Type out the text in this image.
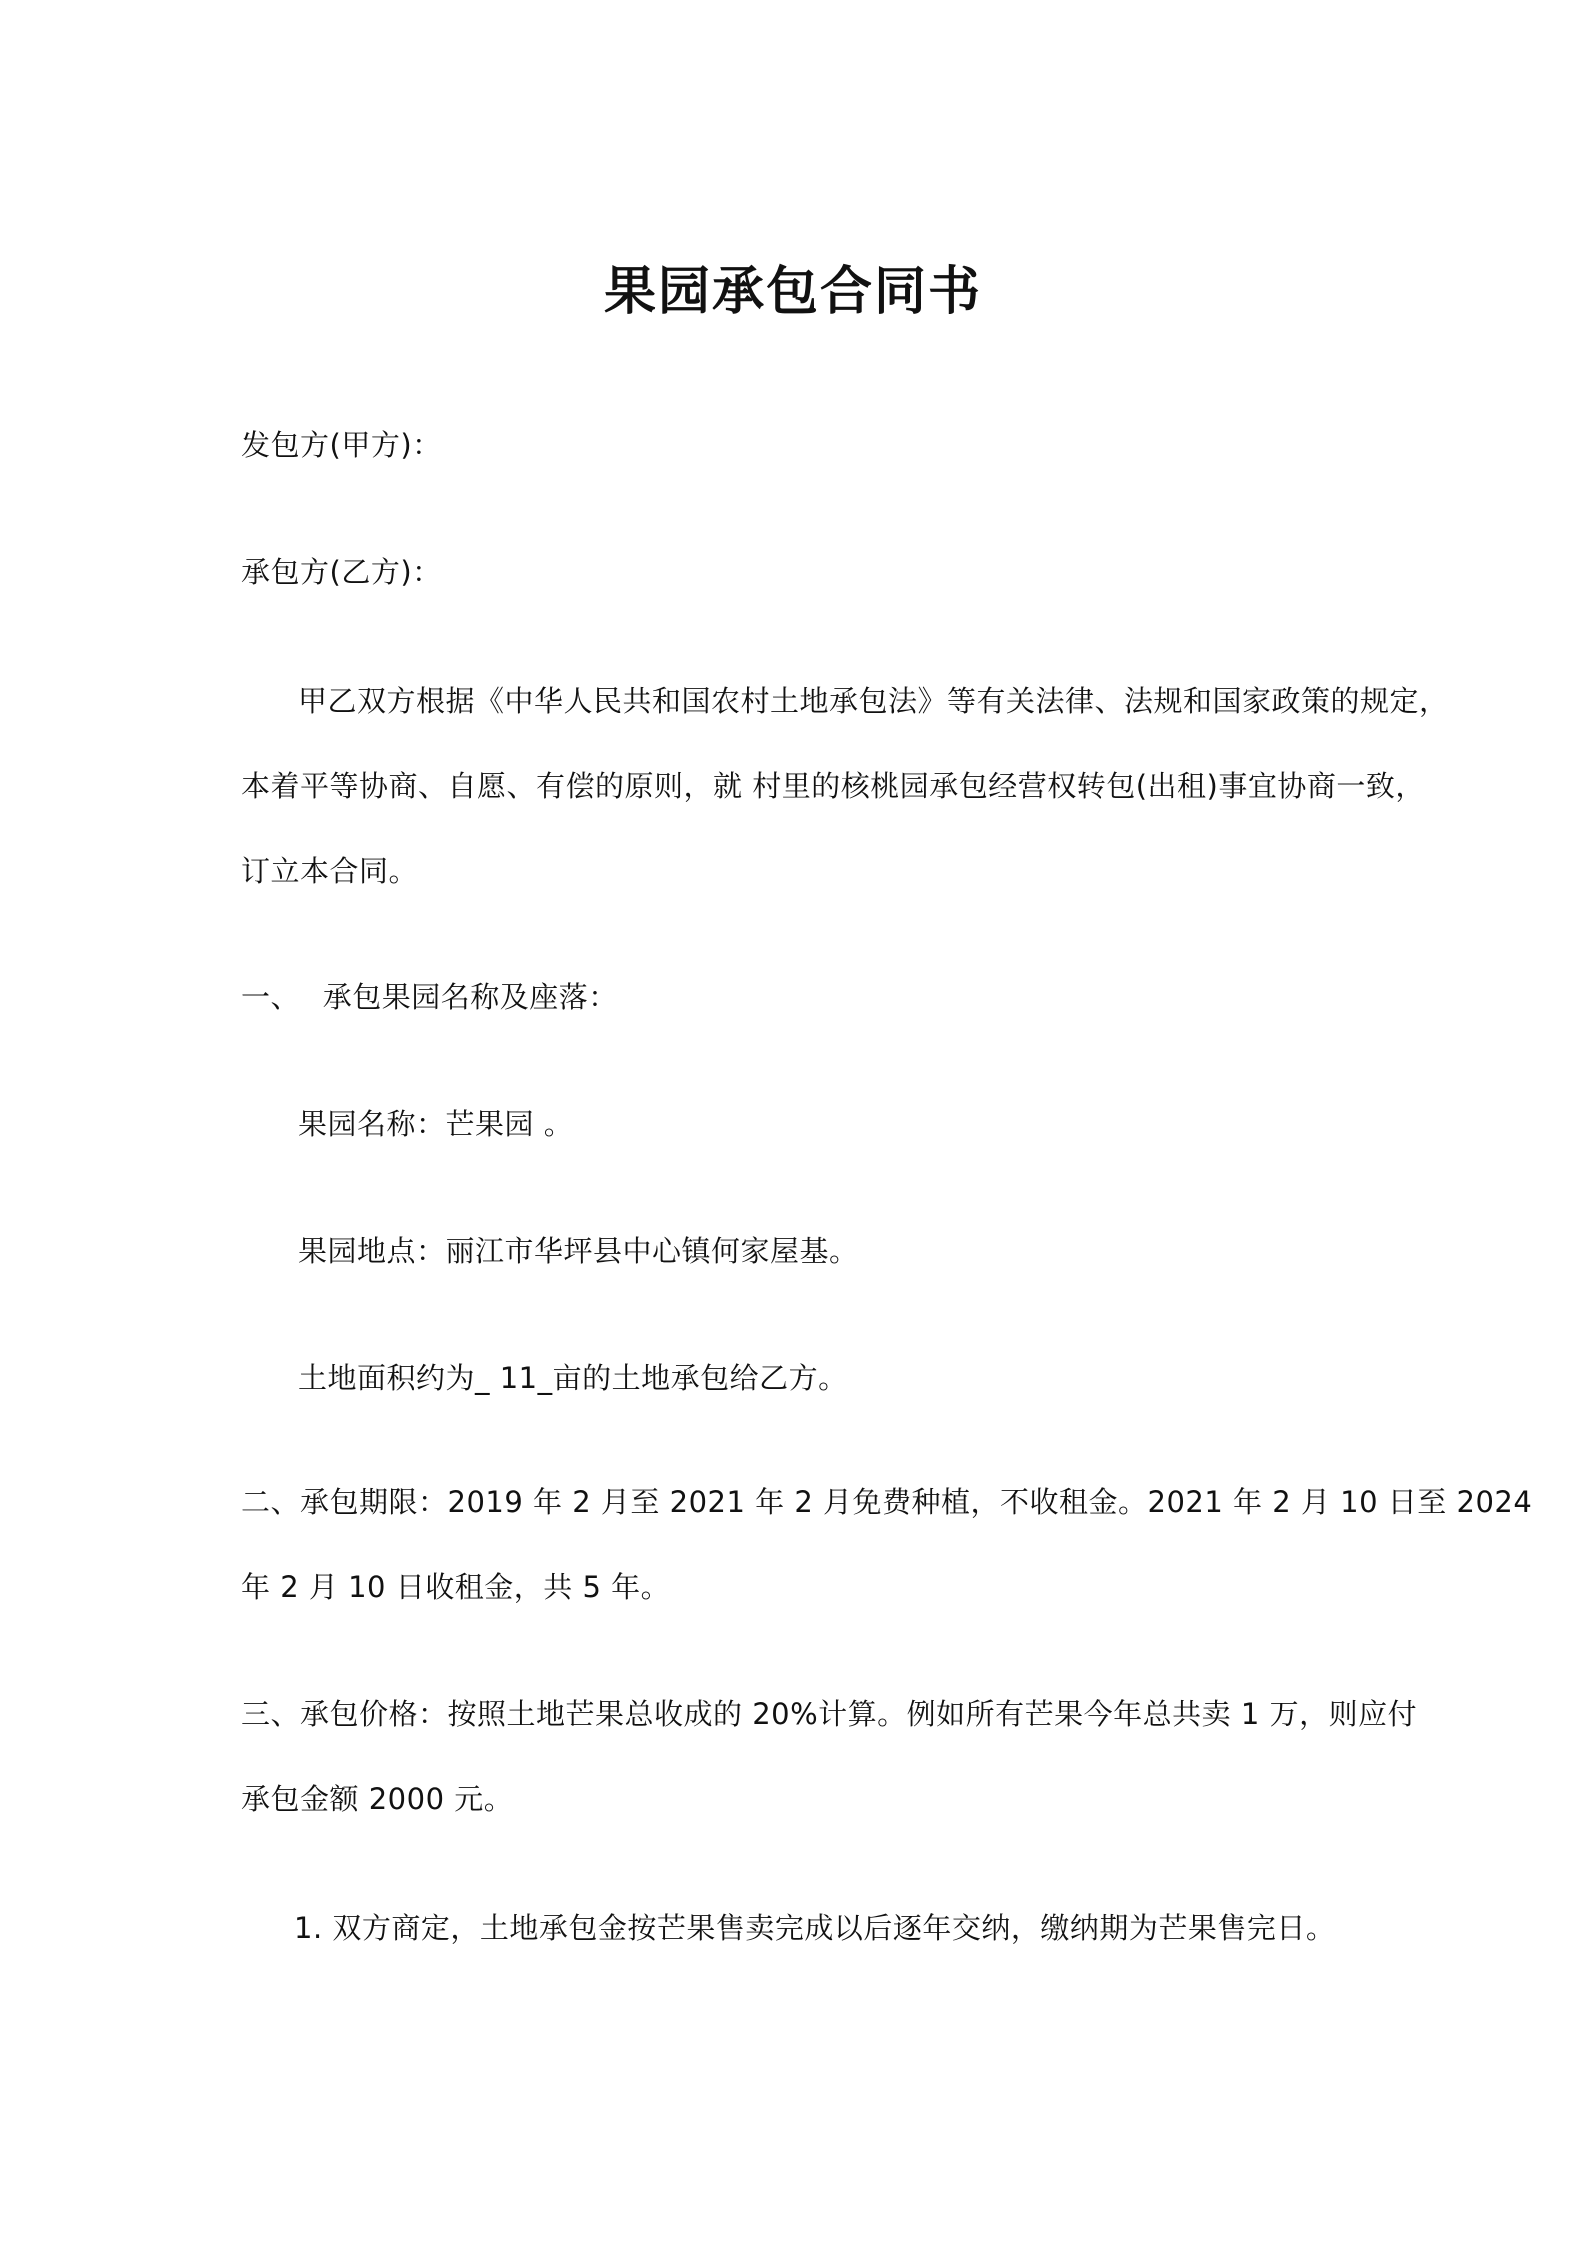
果园承包合同书
发包方(甲方)：
承包方(乙方)：
甲乙双方根据《中华人民共和国农村土地承包法》等有关法律、法规和国家政策的规定，
本着平等协商、自愿、有偿的原则，就 村里的核桃园承包经营权转包(出租)事宜协商一致，
订立本合同。
一、 承包果园名称及座落：
果园名称：芒果园 。
果园地点：丽江市华坪县中心镇何家屋基。
土地面积约为_ 11_亩的土地承包给乙方。
二、承包期限：2019 年 2 月至 2021 年 2 月免费种植，不收租金。2021 年 2 月 10 日至 2024
年 2 月 10 日收租金，共 5 年。
三、承包价格：按照土地芒果总收成的 20%计算。例如所有芒果今年总共卖 1 万，则应付
承包金额 2000 元。
1. 双方商定，土地承包金按芒果售卖完成以后逐年交纳，缴纳期为芒果售完日。
